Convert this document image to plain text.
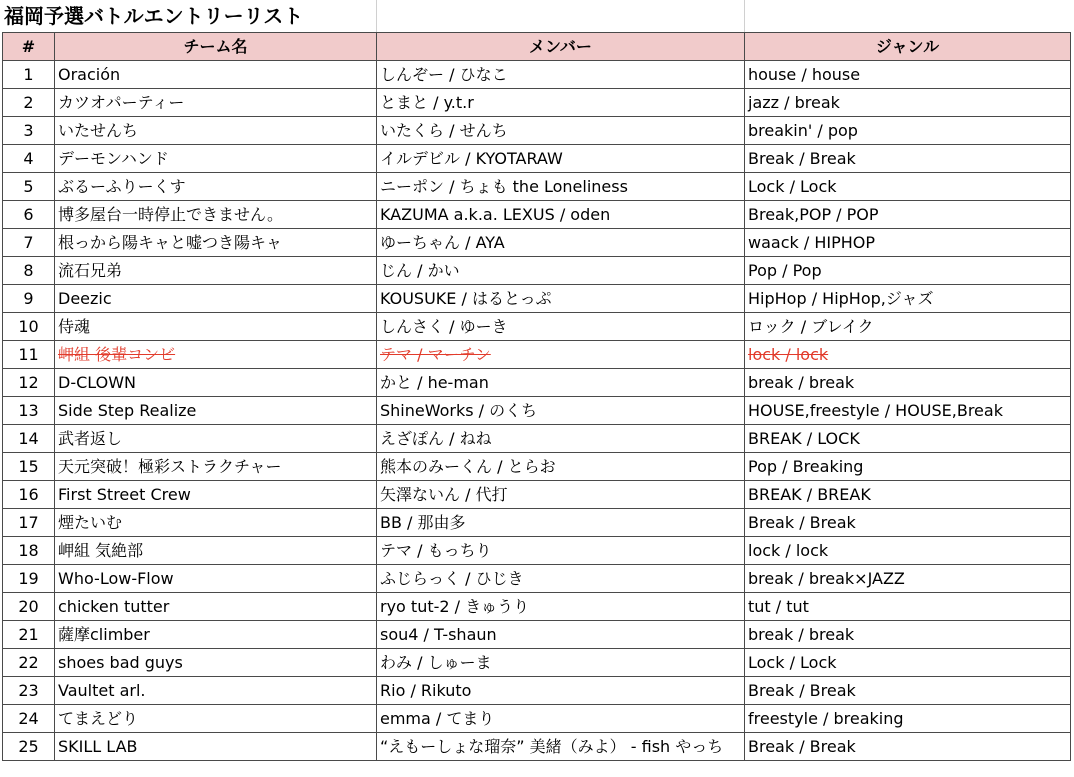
福岡予選バトルエントリーリスト
#	チーム名	メンバー	ジャンル
1	Oración	しんぞー / ひなこ	house / house
2	カツオパーティー	とまと / y.t.r	jazz / break
3	いたせんち	いたくら / せんち	breakin' / pop
4	デーモンハンド	イルデビル / KYOTARAW	Break / Break
5	ぶるーふりーくす	ニーポン / ちょも the Loneliness	Lock / Lock
6	博多屋台一時停止できません。	KAZUMA a.k.a. LEXUS / oden	Break,POP / POP
7	根っから陽キャと嘘つき陽キャ	ゆーちゃん / AYA	waack / HIPHOP
8	流石兄弟	じん / かい	Pop / Pop
9	Deezic	KOUSUKE / はるとっぷ	HipHop / HipHop,ジャズ
10	侍魂	しんさく / ゆーき	ロック / ブレイク
11	岬組 後輩コンビ	テマ / マーチン	lock / lock
12	D-CLOWN	かと / he-man	break / break
13	Side Step Realize	ShineWorks / のくち	HOUSE,freestyle / HOUSE,Break
14	武者返し	えざぽん / ねね	BREAK / LOCK
15	天元突破！極彩ストラクチャー	熊本のみーくん / とらお	Pop / Breaking
16	First Street Crew	矢澤ないん / 代打	BREAK / BREAK
17	煙たいむ	BB / 那由多	Break / Break
18	岬組 気絶部	テマ / もっちり	lock / lock
19	Who-Low-Flow	ふじらっく / ひじき	break / break×JAZZ
20	chicken tutter	ryo tut-2 / きゅうり	tut / tut
21	薩摩climber	sou4 / T-shaun	break / break
22	shoes bad guys	わみ / しゅーま	Lock / Lock
23	Vaultet arl.	Rio / Rikuto	Break / Break
24	てまえどり	emma / てまり	freestyle / breaking
25	SKILL LAB	“えもーしょな瑠奈” 美緒（みよ） - fish やっち	Break / Break
